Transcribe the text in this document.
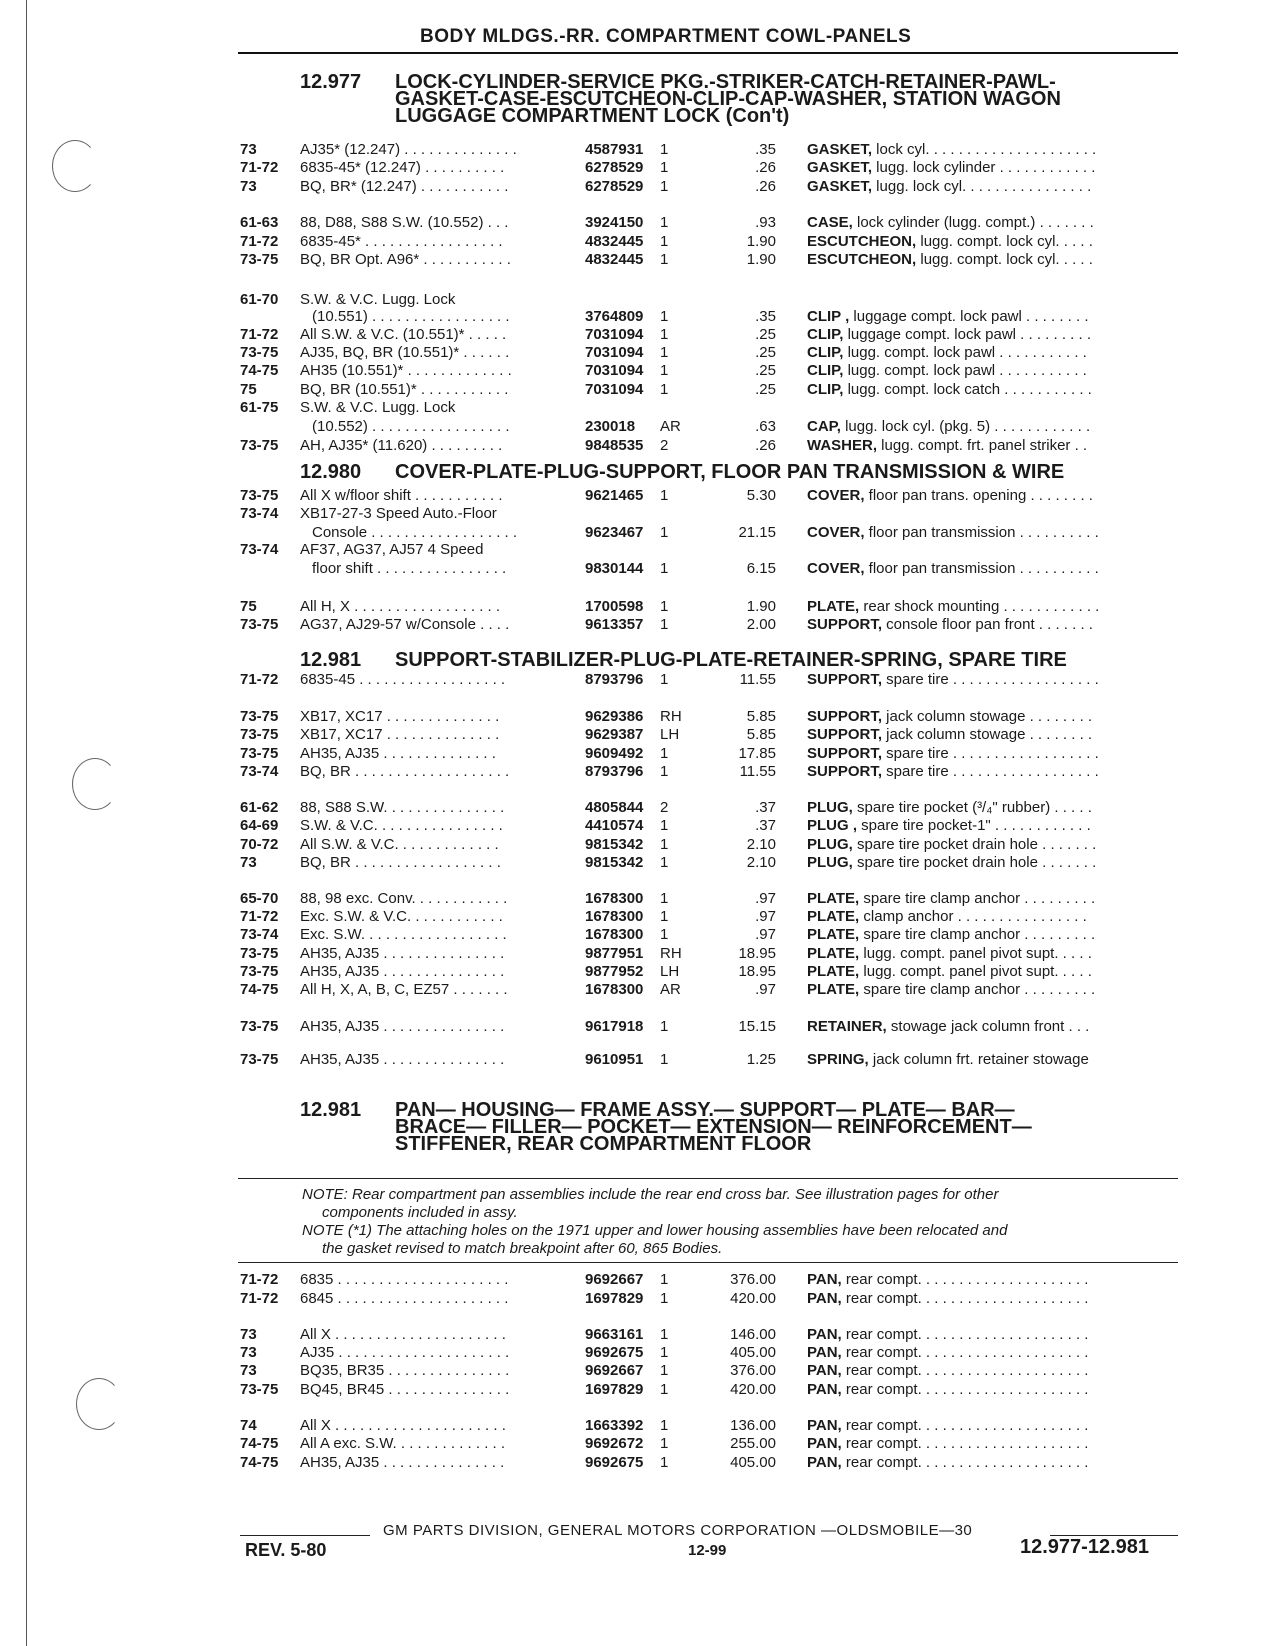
BODY MLDGS.-RR. COMPARTMENT COWL-PANELS
12.977 LOCK-CYLINDER-SERVICE PKG.-STRIKER-CATCH-RETAINER-PAWL-
GASKET-CASE-ESCUTCHEON-CLIP-CAP-WASHER, STATION WAGON
LUGGAGE COMPARTMENT LOCK (Con't)
12.980 COVER-PLATE-PLUG-SUPPORT, FLOOR PAN TRANSMISSION & WIRE
12.981 SUPPORT-STABILIZER-PLUG-PLATE-RETAINER-SPRING, SPARE TIRE
12.981 PAN— HOUSING— FRAME ASSY.— SUPPORT— PLATE— BAR—
BRACE— FILLER— POCKET— EXTENSION— REINFORCEMENT—
STIFFENER, REAR COMPARTMENT FLOOR
73	AJ35* (12.247) . . . . . . . . . . . . . .	4587931 1	.35 GASKET, lock cyl. . . . . . . . . . . . . . . . . . . . .
71-72 6835-45* (12.247) . . . . . . . . . .	6278529 1	.26 GASKET, lugg. lock cylinder . . . . . . . . . . . .
73	BQ, BR* (12.247) . . . . . . . . . . .	6278529 1	.26 GASKET, lugg. lock cyl. . . . . . . . . . . . . . . .
61-63 88, D88, S88 S.W. (10.552) . . .	3924150 1	.93 CASE, lock cylinder (lugg. compt.) . . . . . . .
71-72 6835-45* . . . . . . . . . . . . . . . . .	4832445 1	1.90 ESCUTCHEON, lugg. compt. lock cyl. . . . .
73-75 BQ, BR Opt. A96* . . . . . . . . . . .	4832445 1	1.90 ESCUTCHEON, lugg. compt. lock cyl. . . . .
61-70 S.W. & V.C. Lugg. Lock
(10.551) . . . . . . . . . . . . . . . . .	3764809 1	.35 CLIP , luggage compt. lock pawl . . . . . . . .
71-72 All S.W. & V.C. (10.551)* . . . . .	7031094 1	.25 CLIP, luggage compt. lock pawl . . . . . . . . .
73-75 AJ35, BQ, BR (10.551)* . . . . . .	7031094 1	.25 CLIP, lugg. compt. lock pawl . . . . . . . . . . .
74-75 AH35 (10.551)* . . . . . . . . . . . . .	7031094 1	.25 CLIP, lugg. compt. lock pawl . . . . . . . . . . .
75	BQ, BR (10.551)* . . . . . . . . . . .	7031094 1	.25 CLIP, lugg. compt. lock catch . . . . . . . . . . .
61-75 S.W. & V.C. Lugg. Lock
(10.552) . . . . . . . . . . . . . . . . .	230018 AR	.63 CAP, lugg. lock cyl. (pkg. 5) . . . . . . . . . . . .
73-75 AH, AJ35* (11.620) . . . . . . . . .	9848535 2	.26 WASHER, lugg. compt. frt. panel striker . .
73-75 All X w/floor shift . . . . . . . . . . .	9621465 1	5.30 COVER, floor pan trans. opening . . . . . . . .
73-74 XB17-27-3 Speed Auto.-Floor
Console . . . . . . . . . . . . . . . . . .	9623467 1	21.15 COVER, floor pan transmission . . . . . . . . . .
73-74 AF37, AG37, AJ57 4 Speed
floor shift . . . . . . . . . . . . . . . .	9830144 1	6.15 COVER, floor pan transmission . . . . . . . . . .
75	All H, X . . . . . . . . . . . . . . . . . .	1700598 1	1.90 PLATE, rear shock mounting . . . . . . . . . . . .
73-75 AG37, AJ29-57 w/Console . . . .	9613357 1	2.00 SUPPORT, console floor pan front . . . . . . .
71-72 6835-45 . . . . . . . . . . . . . . . . . .	8793796 1	11.55 SUPPORT, spare tire . . . . . . . . . . . . . . . . . .
73-75 XB17, XC17 . . . . . . . . . . . . . .	9629386 RH	5.85 SUPPORT, jack column stowage . . . . . . . .
73-75 XB17, XC17 . . . . . . . . . . . . . .	9629387 LH	5.85 SUPPORT, jack column stowage . . . . . . . .
73-75 AH35, AJ35 . . . . . . . . . . . . . .	9609492 1	17.85 SUPPORT, spare tire . . . . . . . . . . . . . . . . . .
73-74 BQ, BR . . . . . . . . . . . . . . . . . . .	8793796 1	11.55 SUPPORT, spare tire . . . . . . . . . . . . . . . . . .
61-62 88, S88 S.W. . . . . . . . . . . . . . .	4805844 2	.37 PLUG, spare tire pocket (³/₄" rubber) . . . . .
64-69 S.W. & V.C. . . . . . . . . . . . . . . .	4410574 1	.37 PLUG , spare tire pocket-1" . . . . . . . . . . . .
70-72 All S.W. & V.C. . . . . . . . . . . . .	9815342 1	2.10 PLUG, spare tire pocket drain hole . . . . . . .
73	BQ, BR . . . . . . . . . . . . . . . . . .	9815342 1	2.10 PLUG, spare tire pocket drain hole . . . . . . .
65-70 88, 98 exc. Conv. . . . . . . . . . . .	1678300 1	.97 PLATE, spare tire clamp anchor . . . . . . . . .
71-72 Exc. S.W. & V.C. . . . . . . . . . . .	1678300 1	.97 PLATE, clamp anchor . . . . . . . . . . . . . . . .
73-74 Exc. S.W. . . . . . . . . . . . . . . . . .	1678300 1	.97 PLATE, spare tire clamp anchor . . . . . . . . .
73-75 AH35, AJ35 . . . . . . . . . . . . . . .	9877951 RH	18.95 PLATE, lugg. compt. panel pivot supt. . . . .
73-75 AH35, AJ35 . . . . . . . . . . . . . . .	9877952 LH	18.95 PLATE, lugg. compt. panel pivot supt. . . . .
74-75 All H, X, A, B, C, EZ57 . . . . . . .	1678300 AR	.97 PLATE, spare tire clamp anchor . . . . . . . . .
73-75 AH35, AJ35 . . . . . . . . . . . . . . .	9617918 1	15.15 RETAINER, stowage jack column front . . .
73-75 AH35, AJ35 . . . . . . . . . . . . . . .	9610951 1	1.25 SPRING, jack column frt. retainer stowage
71-72 6835 . . . . . . . . . . . . . . . . . . . . .	9692667 1	376.00 PAN, rear compt. . . . . . . . . . . . . . . . . . . . .
71-72 6845 . . . . . . . . . . . . . . . . . . . . .	1697829 1	420.00 PAN, rear compt. . . . . . . . . . . . . . . . . . . . .
73	All X . . . . . . . . . . . . . . . . . . . . .	9663161 1	146.00 PAN, rear compt. . . . . . . . . . . . . . . . . . . . .
73	AJ35 . . . . . . . . . . . . . . . . . . . . .	9692675 1	405.00 PAN, rear compt. . . . . . . . . . . . . . . . . . . . .
73	BQ35, BR35 . . . . . . . . . . . . . . .	9692667 1	376.00 PAN, rear compt. . . . . . . . . . . . . . . . . . . . .
73-75 BQ45, BR45 . . . . . . . . . . . . . . .	1697829 1	420.00 PAN, rear compt. . . . . . . . . . . . . . . . . . . . .
74	All X . . . . . . . . . . . . . . . . . . . . .	1663392 1	136.00 PAN, rear compt. . . . . . . . . . . . . . . . . . . . .
74-75 All A exc. S.W. . . . . . . . . . . . . .	9692672 1	255.00 PAN, rear compt. . . . . . . . . . . . . . . . . . . . .
74-75 AH35, AJ35 . . . . . . . . . . . . . . .	9692675 1	405.00 PAN, rear compt. . . . . . . . . . . . . . . . . . . . .
NOTE: Rear compartment pan assemblies include the rear end cross bar. See illustration pages for other
components included in assy.
NOTE (*1) The attaching holes on the 1971 upper and lower housing assemblies have been relocated and
the gasket revised to match breakpoint after 60, 865 Bodies.
GM PARTS DIVISION, GENERAL MOTORS CORPORATION —OLDSMOBILE—30
REV. 5-80	12-99	12.977-12.981
